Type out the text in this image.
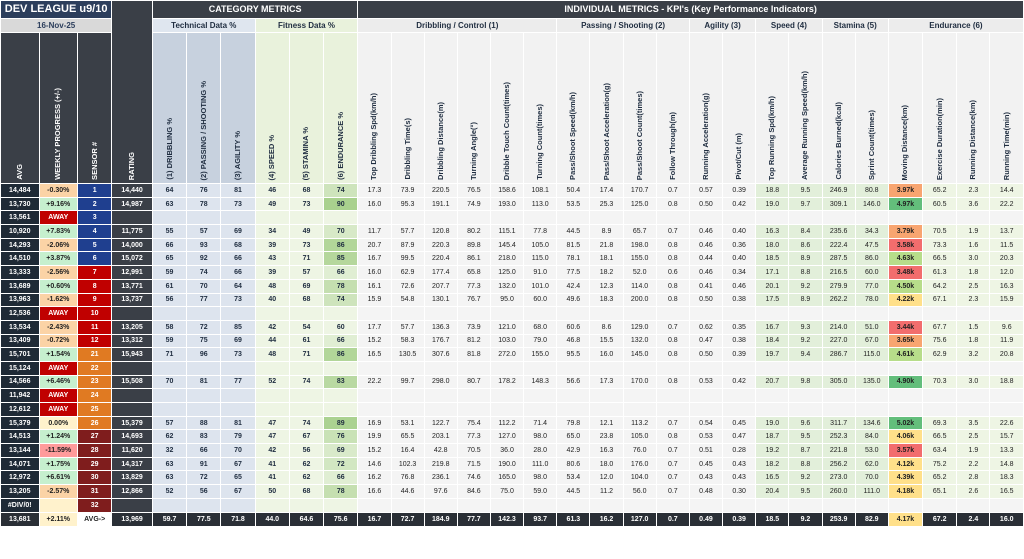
DEV LEAGUE u9/10			RATING	CATEGORY METRICS						INDIVIDUAL METRICS - KPI's (Key Performance Indicators)																			
16-Nov-25				Technical Data %			Fitness Data %			Dribbling / Control (1)						Passing / Shooting (2)				Agility (3)		Speed (4)		Stamina (5)		Endurance (6)			
AVG	WEEKLY PROGRESS (+/-)	SENSOR #		(1) DRIBBLING %	(2) PASSING / SHOOTING %	(3) AGILITY %	(4) SPEED %	(5) STAMINA %	(6) ENDURANCE %	Top Dribbling Spd(km/h)	Dribbling Time(s)	Dribbling Distance(m)	Turning Angle(°)	Dribble Touch Count(times)	Turning Count(times)	Pass/Shoot Speed(km/h)	Pass/Shoot Acceleration(g)	Pass/Shoot Count(times)	Follow Through(m)	Running Acceleration(g)	Pivot/Cut (m)	Top Running Spd(km/h)	Average Running Speed(km/h)	Calories Burned(kcal)	Sprint Count(times)	Moving Distance(km)	Exercise Duration(min)	Running Distance(km)	Running Time(min)
14,484	-0.30%	1	14,440	64	76	81	46	68	74	17.3	73.9	220.5	76.5	158.6	108.1	50.4	17.4	170.7	0.7	0.57	0.39	18.8	9.5	246.9	80.8	3.97k	65.2	2.3	14.4
13,730	+9.16%	2	14,987	63	78	73	49	73	90	16.0	95.3	191.1	74.9	193.0	113.0	53.5	25.3	125.0	0.8	0.50	0.42	19.0	9.7	309.1	146.0	4.97k	60.5	3.6	22.2
13,561	AWAY	3																											
10,920	+7.83%	4	11,775	55	57	69	34	49	70	11.7	57.7	120.8	80.2	115.1	77.8	44.5	8.9	65.7	0.7	0.46	0.40	16.3	8.4	235.6	34.3	3.79k	70.5	1.9	13.7
14,293	-2.06%	5	14,000	66	93	68	39	73	86	20.7	87.9	220.3	89.8	145.4	105.0	81.5	21.8	198.0	0.8	0.46	0.36	18.0	8.6	222.4	47.5	3.58k	73.3	1.6	11.5
14,510	+3.87%	6	15,072	65	92	66	43	71	85	16.7	99.5	220.4	86.1	218.0	115.0	78.1	18.1	155.0	0.8	0.44	0.40	18.5	8.9	287.5	86.0	4.63k	66.5	3.0	20.3
13,333	-2.56%	7	12,991	59	74	66	39	57	66	16.0	62.9	177.4	65.8	125.0	91.0	77.5	18.2	52.0	0.6	0.46	0.34	17.1	8.8	216.5	60.0	3.48k	61.3	1.8	12.0
13,689	+0.60%	8	13,771	61	70	64	48	69	78	16.1	72.6	207.7	77.3	132.0	101.0	42.4	12.3	114.0	0.8	0.41	0.46	20.1	9.2	279.9	77.0	4.50k	64.2	2.5	16.3
13,963	-1.62%	9	13,737	56	77	73	40	68	74	15.9	54.8	130.1	76.7	95.0	60.0	49.6	18.3	200.0	0.8	0.50	0.38	17.5	8.9	262.2	78.0	4.22k	67.1	2.3	15.9
12,536	AWAY	10																											
13,534	-2.43%	11	13,205	58	72	85	42	54	60	17.7	57.7	136.3	73.9	121.0	68.0	60.6	8.6	129.0	0.7	0.62	0.35	16.7	9.3	214.0	51.0	3.44k	67.7	1.5	9.6
13,409	-0.72%	12	13,312	59	75	69	44	61	66	15.2	58.3	176.7	81.2	103.0	79.0	46.8	15.5	132.0	0.8	0.47	0.38	18.4	9.2	227.0	67.0	3.65k	75.6	1.8	11.9
15,701	+1.54%	21	15,943	71	96	73	48	71	86	16.5	130.5	307.6	81.8	272.0	155.0	95.5	16.0	145.0	0.8	0.50	0.39	19.7	9.4	286.7	115.0	4.61k	62.9	3.2	20.8
15,124	AWAY	22																											
14,566	+6.46%	23	15,508	70	81	77	52	74	83	22.2	99.7	298.0	80.7	178.2	148.3	56.6	17.3	170.0	0.8	0.53	0.42	20.7	9.8	305.0	135.0	4.90k	70.3	3.0	18.8
11,942	AWAY	24																											
12,612	AWAY	25																											
15,379	0.00%	26	15,379	57	88	81	47	74	89	16.9	53.1	122.7	75.4	112.2	71.4	79.8	12.1	113.2	0.7	0.54	0.45	19.0	9.6	311.7	134.6	5.02k	69.3	3.5	22.6
14,513	+1.24%	27	14,693	62	83	79	47	67	76	19.9	65.5	203.1	77.3	127.0	98.0	65.0	23.8	105.0	0.8	0.53	0.47	18.7	9.5	252.3	84.0	4.06k	66.5	2.5	15.7
13,144	-11.59%	28	11,620	32	66	70	42	56	69	15.2	16.4	42.8	70.5	36.0	28.0	42.9	16.3	76.0	0.7	0.51	0.28	19.2	8.7	221.8	53.0	3.57k	63.4	1.9	13.3
14,071	+1.75%	29	14,317	63	91	67	41	62	72	14.6	102.3	219.8	71.5	190.0	111.0	80.6	18.0	176.0	0.7	0.45	0.43	18.2	8.8	256.2	62.0	4.12k	75.2	2.2	14.8
12,972	+6.61%	30	13,829	63	72	65	41	62	66	16.2	76.8	236.1	74.6	165.0	98.0	53.4	12.0	104.0	0.7	0.43	0.43	16.5	9.2	273.0	70.0	4.39k	65.2	2.8	18.3
13,205	-2.57%	31	12,866	52	56	67	50	68	78	16.6	44.6	97.6	84.6	75.0	59.0	44.5	11.2	56.0	0.7	0.48	0.30	20.4	9.5	260.0	111.0	4.18k	65.1	2.6	16.5
#DIV/0!		32																											
13,681	+2.11%	AVG->	13,969	59.7	77.5	71.8	44.0	64.6	75.6	16.7	72.7	184.9	77.7	142.3	93.7	61.3	16.2	127.0	0.7	0.49	0.39	18.5	9.2	253.9	82.9	4.17k	67.2	2.4	16.0
